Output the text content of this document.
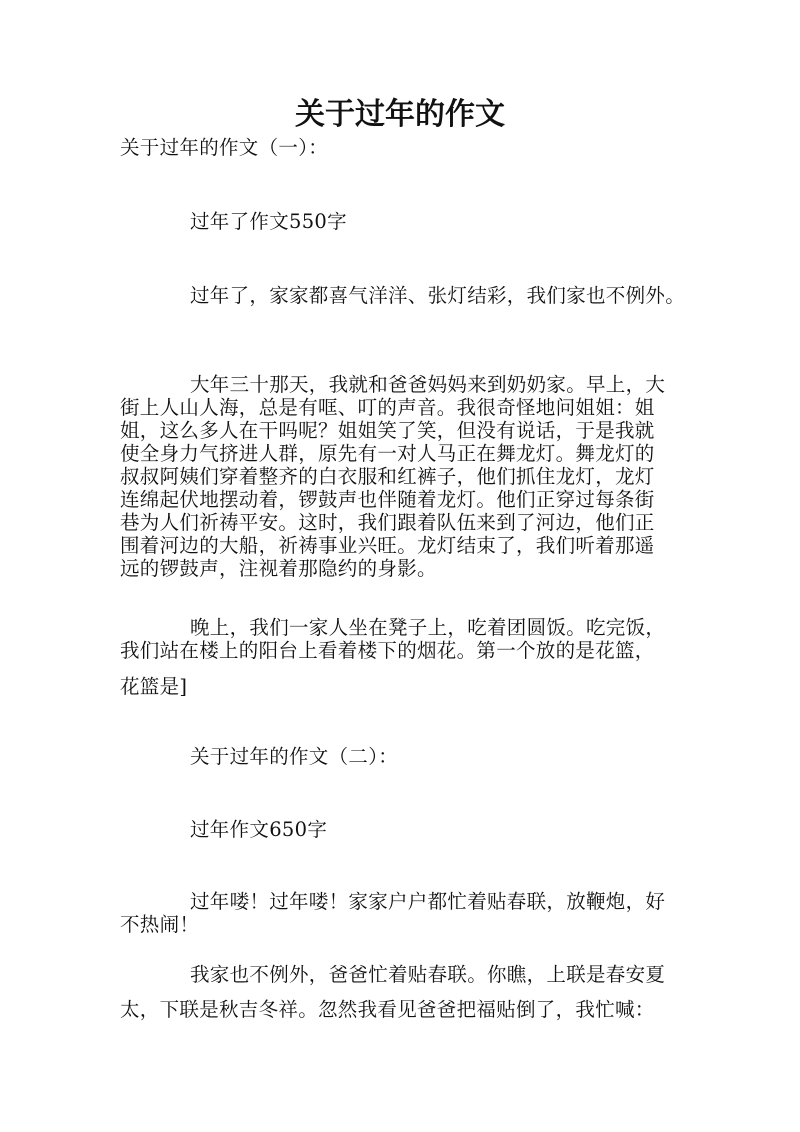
关于过年的作文
关于过年的作文（一）：
过年了作文550字
过年了，家家都喜气洋洋、张灯结彩，我们家也不例外。
大年三十那天，我就和爸爸妈妈来到奶奶家。早上，大
街上人山人海，总是有哐、叮的声音。我很奇怪地问姐姐：姐
姐，这么多人在干吗呢？姐姐笑了笑，但没有说话，于是我就
使全身力气挤进人群，原先有一对人马正在舞龙灯。舞龙灯的
叔叔阿姨们穿着整齐的白衣服和红裤子，他们抓住龙灯，龙灯
连绵起伏地摆动着，锣鼓声也伴随着龙灯。他们正穿过每条街
巷为人们祈祷平安。这时，我们跟着队伍来到了河边，他们正
围着河边的大船，祈祷事业兴旺。龙灯结束了，我们听着那遥
远的锣鼓声，注视着那隐约的身影。
晚上，我们一家人坐在凳子上，吃着团圆饭。吃完饭，
我们站在楼上的阳台上看着楼下的烟花。第一个放的是花篮，
花篮是]
关于过年的作文（二）：
过年作文650字
过年喽！过年喽！家家户户都忙着贴春联，放鞭炮，好
不热闹！
我家也不例外，爸爸忙着贴春联。你瞧，上联是春安夏
太，下联是秋吉冬祥。忽然我看见爸爸把福贴倒了，我忙喊：
